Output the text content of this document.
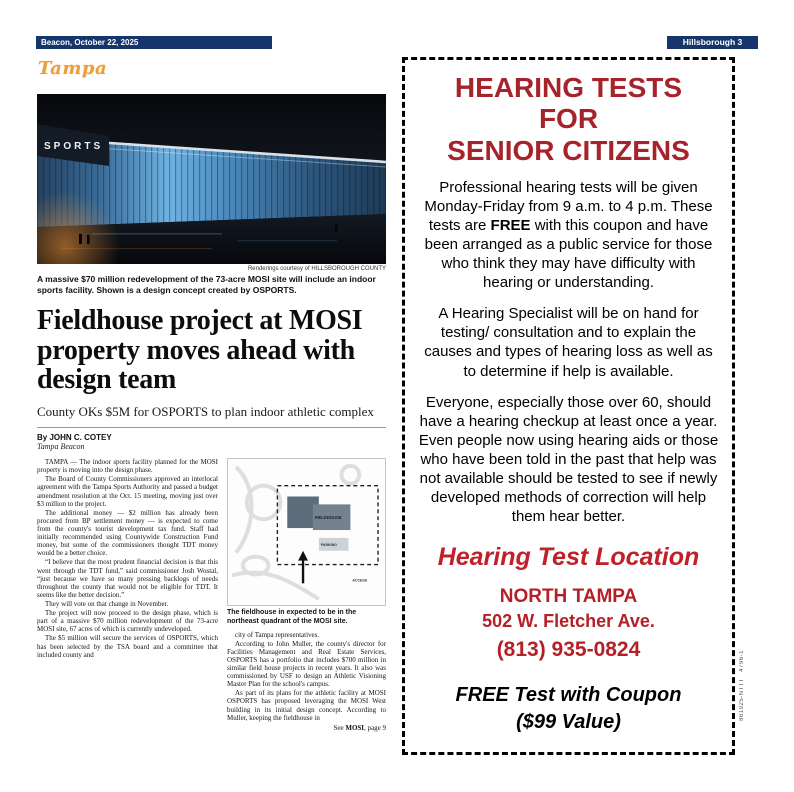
Beacon, October 22, 2025	Hillsborough 3
Tampa
SPORTS
Renderings courtesy of HILLSBOROUGH COUNTY
A massive $70 million redevelopment of the 73-acre MOSI site will include an indoor sports facility. Shown is a design concept created by OSPORTS.
Fieldhouse project at MOSI property moves ahead with design team
County OKs $5M for OSPORTS to plan indoor athletic complex
By JOHN C. COTEY
Tampa Beacon

TAMPA — The indoor sports facility planned for the MOSI property is moving into the design phase.

The Board of County Commissioners approved an interlocal agreement with the Tampa Sports Authority and passed a budget amendment resolution at the Oct. 15 meeting, moving just over $3 million to the project.

The additional money — $2 million has already been procured from BP settlement money — is expected to come from the county's tourist development tax fund. Staff had initially recommended using Countywide Construction Fund money, but some of the commissioners thought TDT money would be a better choice.

“I believe that the most prudent financial decision is that this went through the TDT fund,” said commissioner Josh Wostal, “just because we have so many pressing backlogs of needs throughout the county that would not be eligible for TDT. It seems like the better decision.”

They will vote on that change in November.

The project will now proceed to the design phase, which is part of a massive $70 million redevelopment of the 73-acre MOSI site, 67 acres of which is currently undeveloped.

The $5 million will secure the services of OSPORTS, which has been selected by the TSA board and a committee that included county and

FIELDHOUSE
PARKING
ACCESS
The fieldhouse in expected to be in the northeast quadrant of the MOSI site.

city of Tampa representatives.

According to John Muller, the county's director for Facilities Management and Real Estate Services, OSPORTS has a portfolio that includes $700 million in similar field house projects in recent years. It also was commissioned by USF to design an Athletic Visioning Master Plan for the school's campus.

As part of its plans for the athletic facility at MOSI OSPORTS has proposed leveraging the MOSI West building in its initial design concept. According to Muller, keeping the fieldhouse in

See MOSI, page 9
HEARING TESTS
FOR
SENIOR CITIZENS

Professional hearing tests will be given Monday-Friday from 9 a.m. to 4 p.m. These tests are FREE with this coupon and have been arranged as a public service for those who think they may have difficulty with hearing or understanding.

A Hearing Specialist will be on hand for testing/ consultation and to explain the causes and types of hearing loss as well as to determine if help is available.

Everyone, especially those over 60, should have a hearing checkup at least once a year. Even people now using hearing aids or those who have been told in the past that help was not available should be tested to see if newly developed methods of correction will help them hear better.

Hearing Test Location
NORTH TAMPA
502 W. Fletcher Ave.
(813) 935-0824
FREE Test with Coupon
($99 Value)
4796-1
861925-NTTT
